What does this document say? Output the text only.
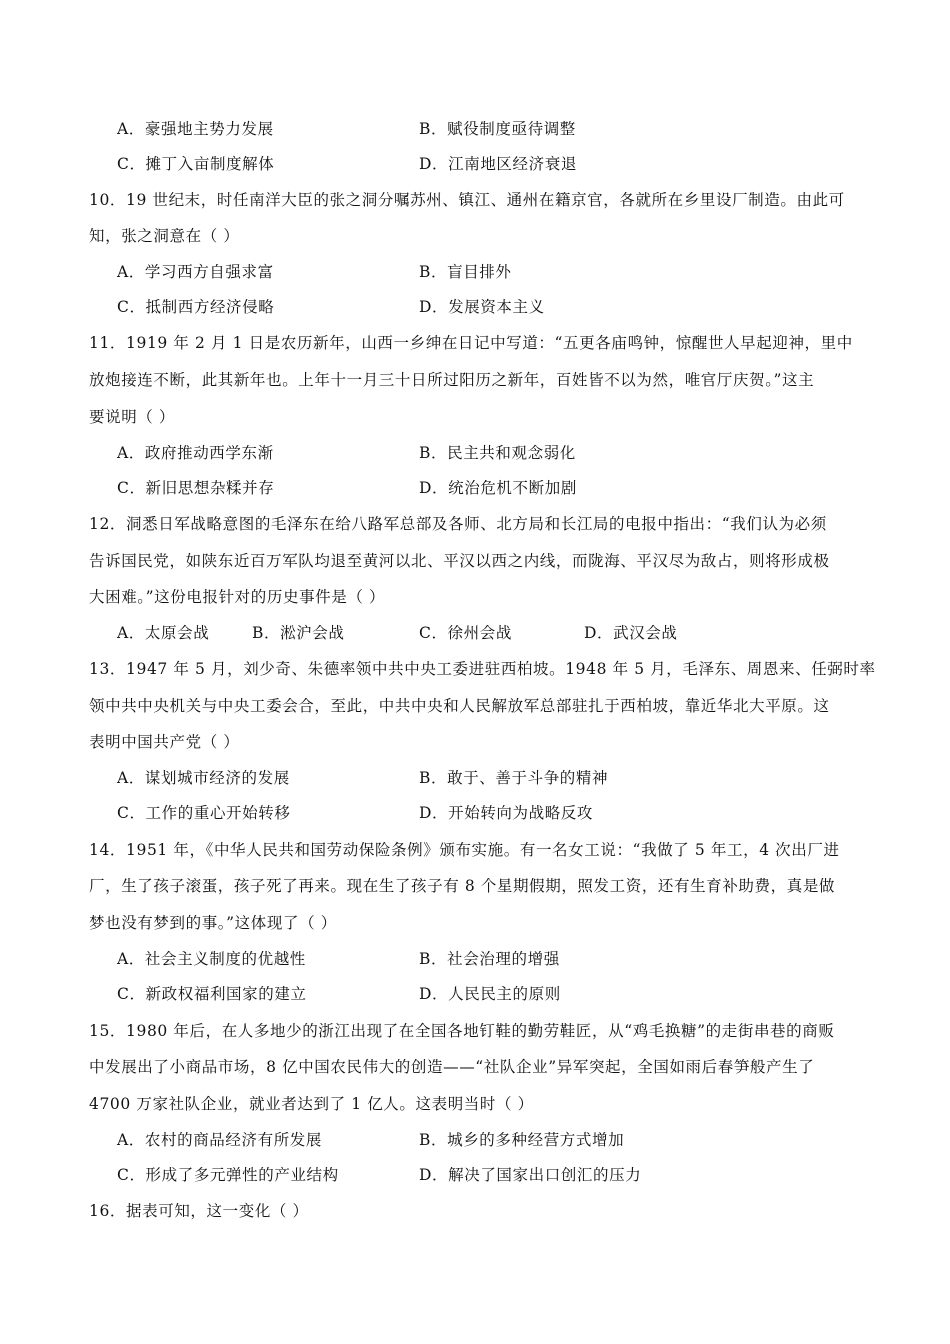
A．豪强地主势力发展	B．赋役制度亟待调整
C．摊丁入亩制度解体	D．江南地区经济衰退
10．19 世纪末，时任南洋大臣的张之洞分嘱苏州、镇江、通州在籍京官，各就所在乡里设厂制造。由此可
知，张之洞意在（ ）
A．学习西方自强求富	B．盲目排外
C．抵制西方经济侵略	D．发展资本主义
11．1919 年 2 月 1 日是农历新年，山西一乡绅在日记中写道：“五更各庙鸣钟，惊醒世人早起迎神，里中
放炮接连不断，此其新年也。上年十一月三十日所过阳历之新年，百姓皆不以为然，唯官厅庆贺。”这主
要说明（ ）
A．政府推动西学东渐	B．民主共和观念弱化
C．新旧思想杂糅并存	D．统治危机不断加剧
12．洞悉日军战略意图的毛泽东在给八路军总部及各师、北方局和长江局的电报中指出：“我们认为必须
告诉国民党，如陕东近百万军队均退至黄河以北、平汉以西之内线，而陇海、平汉尽为敌占，则将形成极
大困难。”这份电报针对的历史事件是（ ）
A．太原会战	B．淞沪会战	C．徐州会战	D．武汉会战
13．1947 年 5 月，刘少奇、朱德率领中共中央工委进驻西柏坡。1948 年 5 月，毛泽东、周恩来、任弼时率
领中共中央机关与中央工委会合，至此，中共中央和人民解放军总部驻扎于西柏坡，靠近华北大平原。这
表明中国共产党（ ）
A．谋划城市经济的发展	B．敢于、善于斗争的精神
C．工作的重心开始转移	D．开始转向为战略反攻
14．1951 年，《中华人民共和国劳动保险条例》颁布实施。有一名女工说：“我做了 5 年工，4 次出厂进
厂，生了孩子滚蛋，孩子死了再来。现在生了孩子有 8 个星期假期，照发工资，还有生育补助费，真是做
梦也没有梦到的事。”这体现了（ ）
A．社会主义制度的优越性	B．社会治理的增强
C．新政权福利国家的建立	D．人民民主的原则
15．1980 年后，在人多地少的浙江出现了在全国各地钉鞋的勤劳鞋匠，从“鸡毛换糖”的走街串巷的商贩
中发展出了小商品市场，8 亿中国农民伟大的创造——“社队企业”异军突起，全国如雨后春笋般产生了
4700 万家社队企业，就业者达到了 1 亿人。这表明当时（ ）
A．农村的商品经济有所发展	B．城乡的多种经营方式增加
C．形成了多元弹性的产业结构	D．解决了国家出口创汇的压力
16．据表可知，这一变化（ ）
